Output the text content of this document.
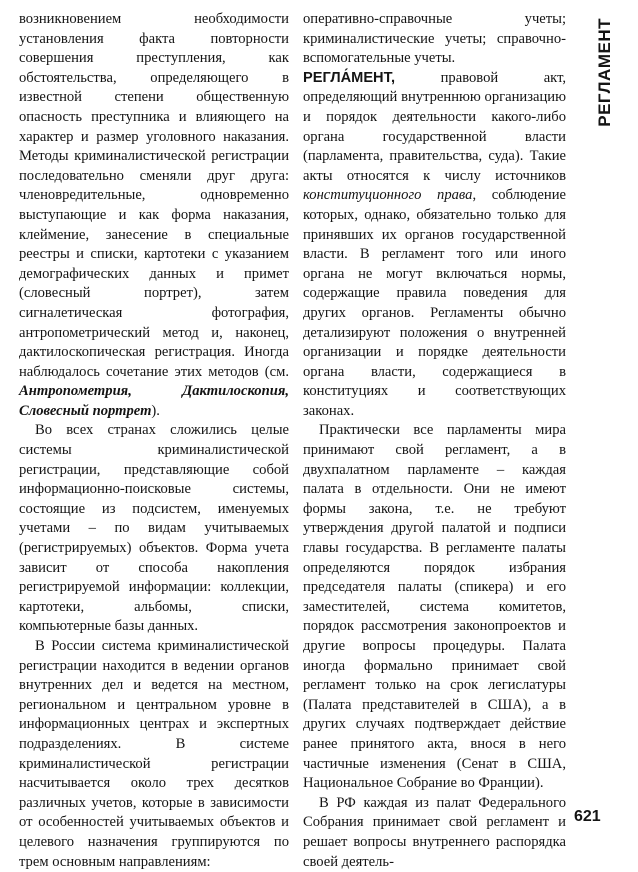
возникновением необходимости установления факта повторности совершения преступления, как обстоятельства, определяющего в известной степени общественную опасность преступника и влияющего на характер и размер уголовного наказания. Методы криминалистической регистрации последовательно сменяли друг друга: членовредительные, одновременно выступающие и как форма наказания, клеймение, занесение в специальные реестры и списки, картотеки с указанием демографических данных и примет (словесный портрет), затем сигналетическая фотография, антропометрический метод и, наконец, дактилоскопическая регистрация. Иногда наблюдалось сочетание этих методов (см. Антропометрия, Дактилоскопия, Словесный портрет).

Во всех странах сложились целые системы криминалистической регистрации, представляющие собой информационно-поисковые системы, состоящие из подсистем, именуемых учетами – по видам учитываемых (регистрируемых) объектов. Форма учета зависит от способа накопления регистрируемой информации: коллекции, картотеки, альбомы, списки, компьютерные базы данных.

В России система криминалистической регистрации находится в ведении органов внутренних дел и ведется на местном, региональном и центральном уровне в информационных центрах и экспертных подразделениях. В системе криминалистической регистрации насчитывается около трех десятков различных учетов, которые в зависимости от особенностей учитываемых объектов и целевого назначения группируются по трем основным направлениям:

оперативно-справочные учеты; криминалистические учеты; справочно-вспомогательные учеты.

РЕГЛА́МЕНТ, правовой акт, определяющий внутреннюю организацию и порядок деятельности какого-либо органа государственной власти (парламента, правительства, суда). Такие акты относятся к числу источников конституционного права, соблюдение которых, однако, обязательно только для принявших их органов государственной власти. В регламент того или иного органа не могут включаться нормы, содержащие правила поведения для других органов. Регламенты обычно детализируют положения о внутренней организации и порядке деятельности органа власти, содержащиеся в конституциях и соответствующих законах.

Практически все парламенты мира принимают свой регламент, а в двухпалатном парламенте – каждая палата в отдельности. Они не имеют формы закона, т.е. не требуют утверждения другой палатой и подписи главы государства. В регламенте палаты определяются порядок избрания председателя палаты (спикера) и его заместителей, система комитетов, порядок рассмотрения законопроектов и другие вопросы процедуры. Палата иногда формально принимает свой регламент только на срок легислатуры (Палата представителей в США), а в других случаях подтверждает действие ранее принятого акта, внося в него частичные изменения (Сенат в США, Национальное Собрание во Франции).

В РФ каждая из палат Федерального Собрания принимает свой регламент и решает вопросы внутреннего распорядка своей деятель-

РЕГЛАМЕНТ
621
